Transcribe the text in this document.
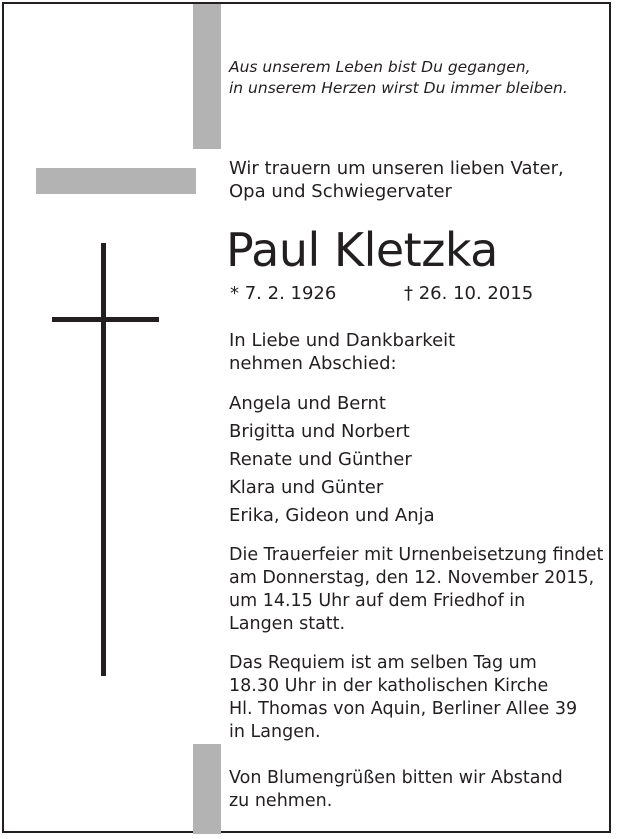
Aus unserem Leben bist Du gegangen,
in unserem Herzen wirst Du immer bleiben.
Wir trauern um unseren lieben Vater,
Opa und Schwiegervater
Paul Kletzka
* 7. 2. 1926	† 26. 10. 2015
In Liebe und Dankbarkeit
nehmen Abschied:
Angela und Bernt
Brigitta und Norbert
Renate und Günther
Klara und Günter
Erika, Gideon und Anja
Die Trauerfeier mit Urnenbeisetzung findet
am Donnerstag, den 12. November 2015,
um 14.15 Uhr auf dem Friedhof in
Langen statt.
Das Requiem ist am selben Tag um
18.30 Uhr in der katholischen Kirche
Hl. Thomas von Aquin, Berliner Allee 39
in Langen.
Von Blumengrüßen bitten wir Abstand
zu nehmen.
